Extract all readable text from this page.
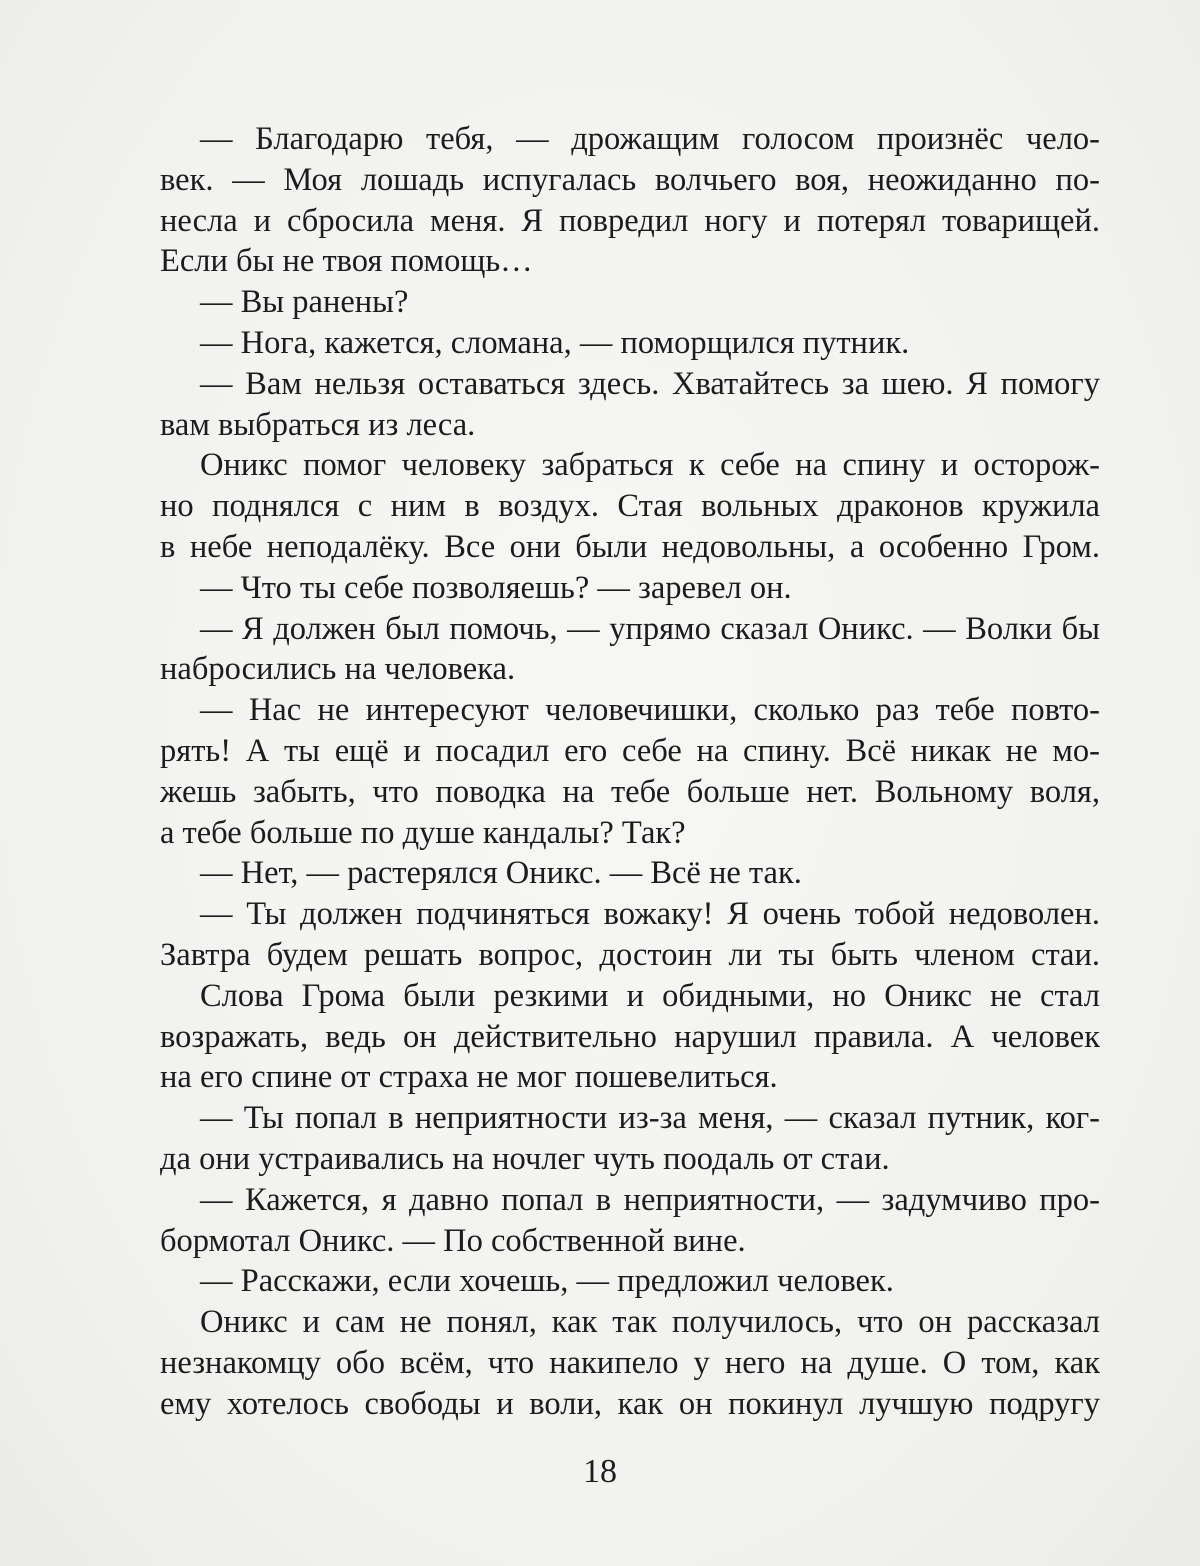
— Благодарю тебя, — дрожащим голосом произнёс чело-
век. — Моя лошадь испугалась волчьего воя, неожиданно по-
несла и сбросила меня. Я повредил ногу и потерял товарищей.
Если бы не твоя помощь…
— Вы ранены?
— Нога, кажется, сломана, — поморщился путник.
— Вам нельзя оставаться здесь. Хватайтесь за шею. Я помогу
вам выбраться из леса.
Оникс помог человеку забраться к себе на спину и осторож-
но поднялся с ним в воздух. Стая вольных драконов кружила
в небе неподалёку. Все они были недовольны, а особенно Гром.
— Что ты себе позволяешь? — заревел он.
— Я должен был помочь, — упрямо сказал Оникс. — Волки бы
набросились на человека.
— Нас не интересуют человечишки, сколько раз тебе повто-
рять! А ты ещё и посадил его себе на спину. Всё никак не мо-
жешь забыть, что поводка на тебе больше нет. Вольному воля,
а тебе больше по душе кандалы? Так?
— Нет, — растерялся Оникс. — Всё не так.
— Ты должен подчиняться вожаку! Я очень тобой недоволен.
Завтра будем решать вопрос, достоин ли ты быть членом стаи.
Слова Грома были резкими и обидными, но Оникс не стал
возражать, ведь он действительно нарушил правила. А человек
на его спине от страха не мог пошевелиться.
— Ты попал в неприятности из-за меня, — сказал путник, ког-
да они устраивались на ночлег чуть поодаль от стаи.
— Кажется, я давно попал в неприятности, — задумчиво про-
бормотал Оникс. — По собственной вине.
— Расскажи, если хочешь, — предложил человек.
Оникс и сам не понял, как так получилось, что он рассказал
незнакомцу обо всём, что накипело у него на душе. О том, как
ему хотелось свободы и воли, как он покинул лучшую подругу
18
